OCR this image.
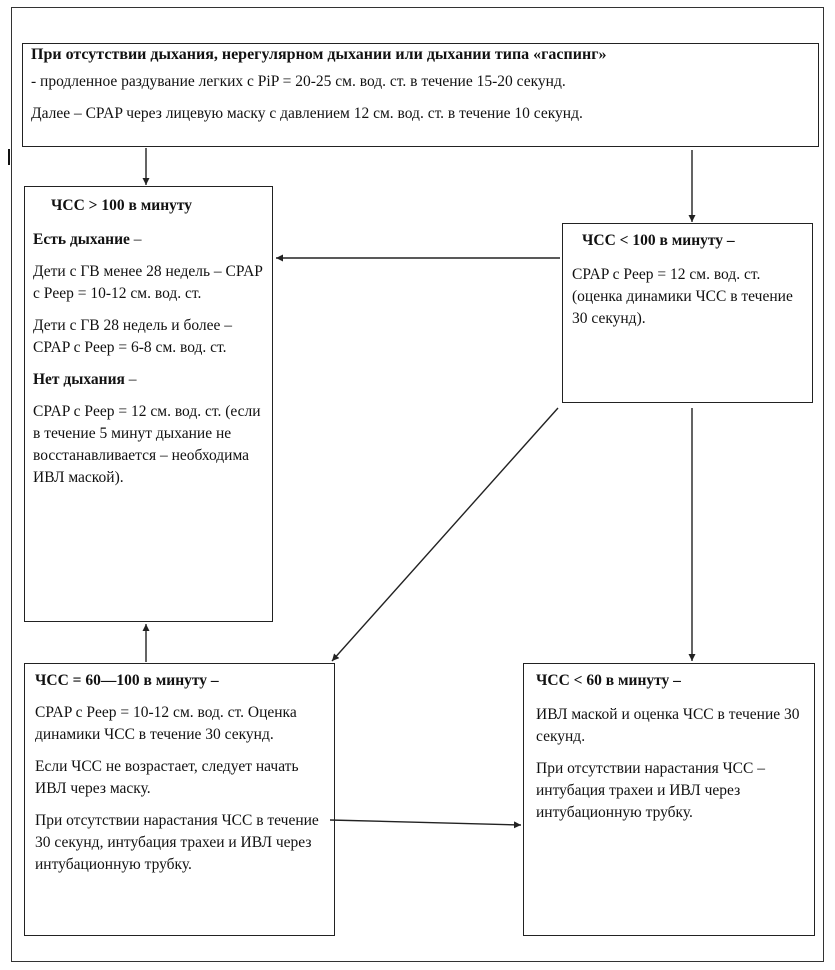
При отсутствии дыхания, нерегулярном дыхании или дыхании типа «гаспинг»

- продленное раздувание легких с PiP = 20-25 см. вод. ст. в течение 15-20 секунд.

Далее – CPAP через лицевую маску с давлением 12 см. вод. ст. в течение 10 секунд.

ЧСС > 100 в минуту

Есть дыхание –

Дети с ГВ менее 28 недель – CPAP с Peep = 10-12 см. вод. ст.

Дети с ГВ 28 недель и более – CPAP с Peep = 6-8 см. вод. ст.

Нет дыхания –

CPAP с Peep = 12 см. вод. ст. (если в течение 5 минут дыхание не восстанавливается – необходима ИВЛ маской).

ЧСС < 100 в минуту –

CPAP с Peep = 12 см. вод. ст. (оценка динамики ЧСС в течение 30 секунд).

ЧСС = 60—100 в минуту –

CPAP с Peep = 10-12 см. вод. ст. Оценка динамики ЧСС в течение 30 секунд.

Если ЧСС не возрастает, следует начать ИВЛ через маску.

При отсутствии нарастания ЧСС в течение 30 секунд, интубация трахеи и ИВЛ через интубационную трубку.

ЧСС < 60 в минуту –

ИВЛ маской и оценка ЧСС в течение 30 секунд.

При отсутствии нарастания ЧСС – интубация трахеи и ИВЛ через интубационную трубку.
